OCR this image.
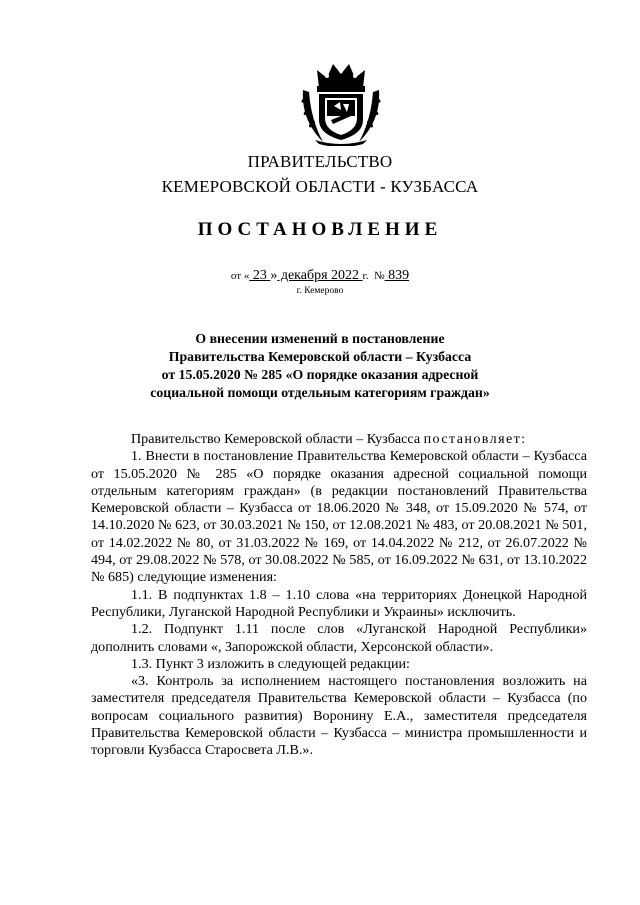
ПРАВИТЕЛЬСТВО
КЕМЕРОВСКОЙ ОБЛАСТИ - КУЗБАССА
ПОСТАНОВЛЕНИЕ
от « 23 » декабря 2022 г. № 839
г. Кемерово
О внесении изменений в постановление
Правительства Кемеровской области – Кузбасса
от 15.05.2020 № 285 «О порядке оказания адресной
социальной помощи отдельным категориям граждан»

Правительство Кемеровской области – Кузбасса постановляет:

1. Внести в постановление Правительства Кемеровской области – Кузбасса от 15.05.2020 № 285 «О порядке оказания адресной социальной помощи отдельным категориям граждан» (в редакции постановлений Правительства Кемеровской области – Кузбасса от 18.06.2020 № 348, от 15.09.2020 № 574, от 14.10.2020 № 623, от 30.03.2021 № 150, от 12.08.2021 № 483, от 20.08.2021 № 501, от 14.02.2022 № 80, от 31.03.2022 № 169, от 14.04.2022 № 212, от 26.07.2022 № 494, от 29.08.2022 № 578, от 30.08.2022 № 585, от 16.09.2022 № 631, от 13.10.2022 № 685) следующие изменения:

1.1. В подпунктах 1.8 – 1.10 слова «на территориях Донецкой Народной Республики, Луганской Народной Республики и Украины» исключить.

1.2. Подпункт 1.11 после слов «Луганской Народной Республики» дополнить словами «, Запорожской области, Херсонской области».

1.3. Пункт 3 изложить в следующей редакции:

«3. Контроль за исполнением настоящего постановления возложить на заместителя председателя Правительства Кемеровской области – Кузбасса (по вопросам социального развития) Воронину Е.А., заместителя председателя Правительства Кемеровской области – Кузбасса – министра промышленности и торговли Кузбасса Старосвета Л.В.».
